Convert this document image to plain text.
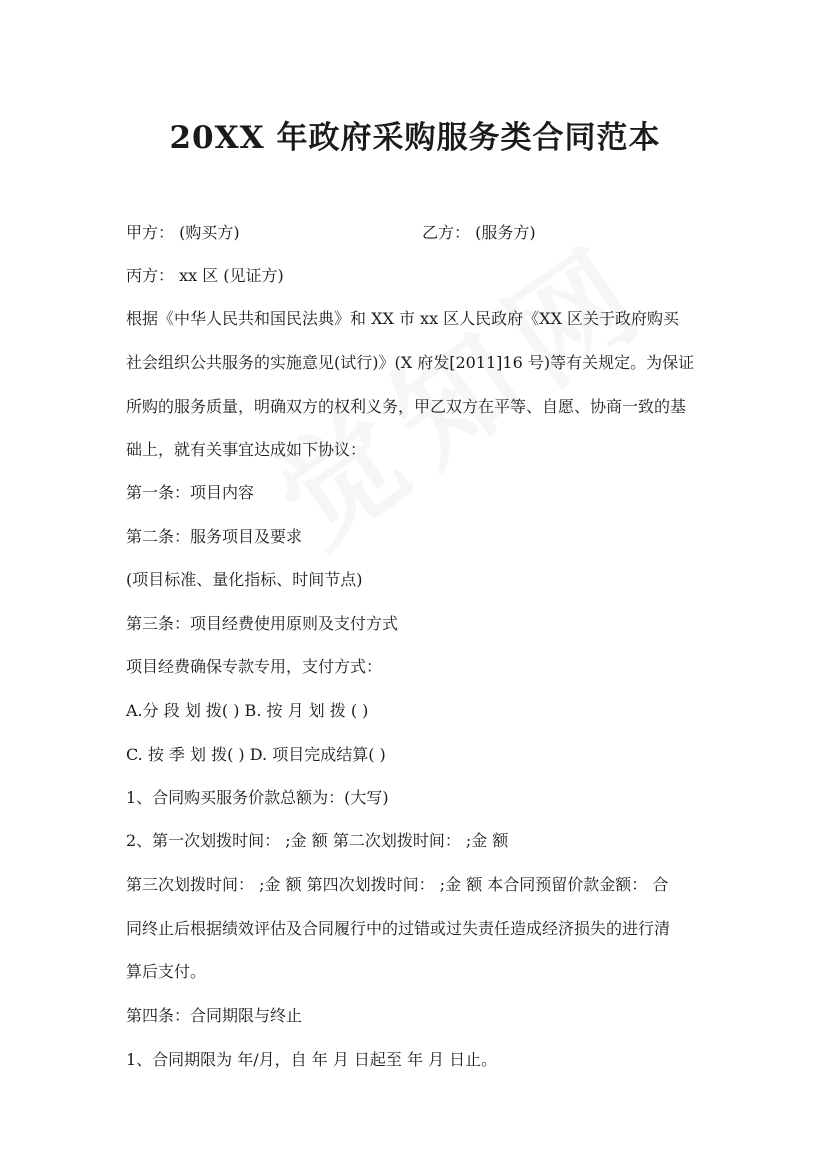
20XX 年政府采购服务类合同范本
甲方： (购买方)	乙方： (服务方)
丙方： xx 区 (见证方)
根据《中华人民共和国民法典》和 XX 市 xx 区人民政府《XX 区关于政府购买
社会组织公共服务的实施意见(试行)》(X 府发[2011]16 号)等有关规定。为保证
所购的服务质量，明确双方的权利义务，甲乙双方在平等、自愿、协商一致的基
础上，就有关事宜达成如下协议：
第一条：项目内容
第二条：服务项目及要求
(项目标准、量化指标、时间节点)
第三条：项目经费使用原则及支付方式
项目经费确保专款专用，支付方式：
A.分 段 划 拨( ) B. 按 月 划 拨 ( )
C. 按 季 划 拨( ) D. 项目完成结算( )
1、合同购买服务价款总额为：(大写)
2、第一次划拨时间： ;金 额 第二次划拨时间： ;金 额
第三次划拨时间： ;金 额 第四次划拨时间： ;金 额 本合同预留价款金额： 合
同终止后根据绩效评估及合同履行中的过错或过失责任造成经济损失的进行清
算后支付。
第四条：合同期限与终止
1、合同期限为 年/月，自 年 月 日起至 年 月 日止。
